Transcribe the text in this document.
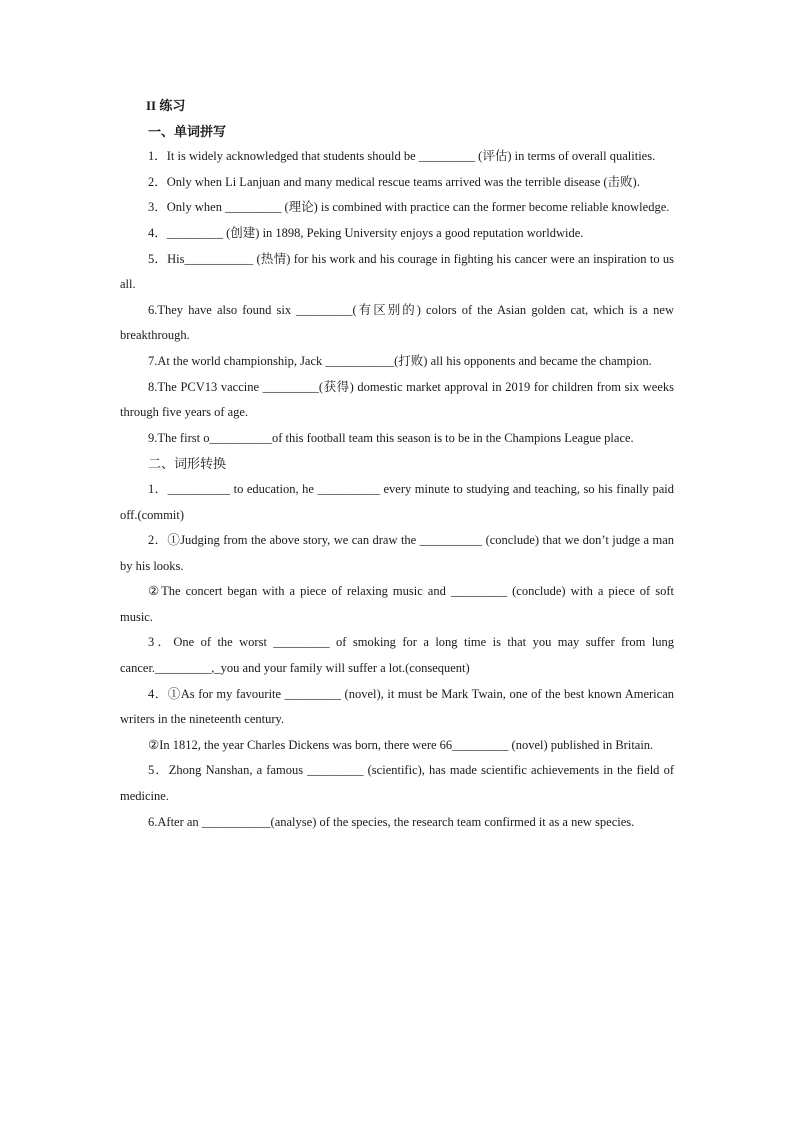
II 练习

一、单词拼写

1．It is widely acknowledged that students should be _________ (评估) in terms of overall qualities.

2．Only when Li Lanjuan and many medical rescue teams arrived was the terrible disease (击败).

3．Only when _________ (理论) is combined with practice can the former become reliable knowledge.

4．_________ (创建) in 1898, Peking University enjoys a good reputation worldwide.

5．His___________ (热情) for his work and his courage in fighting his cancer were an inspiration to us all.

6.They have also found six _________(有区别的) colors of the Asian golden cat, which is a new breakthrough.

7.At the world championship, Jack ___________(打败) all his opponents and became the champion.

8.The PCV13 vaccine _________(获得) domestic market approval in 2019 for children from six weeks through five years of age.

9.The first o__________of this football team this season is to be in the Champions League place.

二、词形转换

1．__________ to education, he __________ every minute to studying and teaching, so his finally paid off.(commit)

2．①Judging from the above story, we can draw the __________ (conclude) that we don’t judge a man by his looks.

②The concert began with a piece of relaxing music and _________ (conclude) with a piece of soft music.

3．One of the worst _________ of smoking for a long time is that you may suffer from lung cancer._________,_you and your family will suffer a lot.(consequent)

4．①As for my favourite _________ (novel), it must be Mark Twain, one of the best known American writers in the nineteenth century.

②In 1812, the year Charles Dickens was born, there were 66_________ (novel) published in Britain.

5．Zhong Nanshan, a famous _________ (scientific), has made scientific achievements in the field of medicine.

6.After an ___________(analyse) of the species, the research team confirmed it as a new species.
